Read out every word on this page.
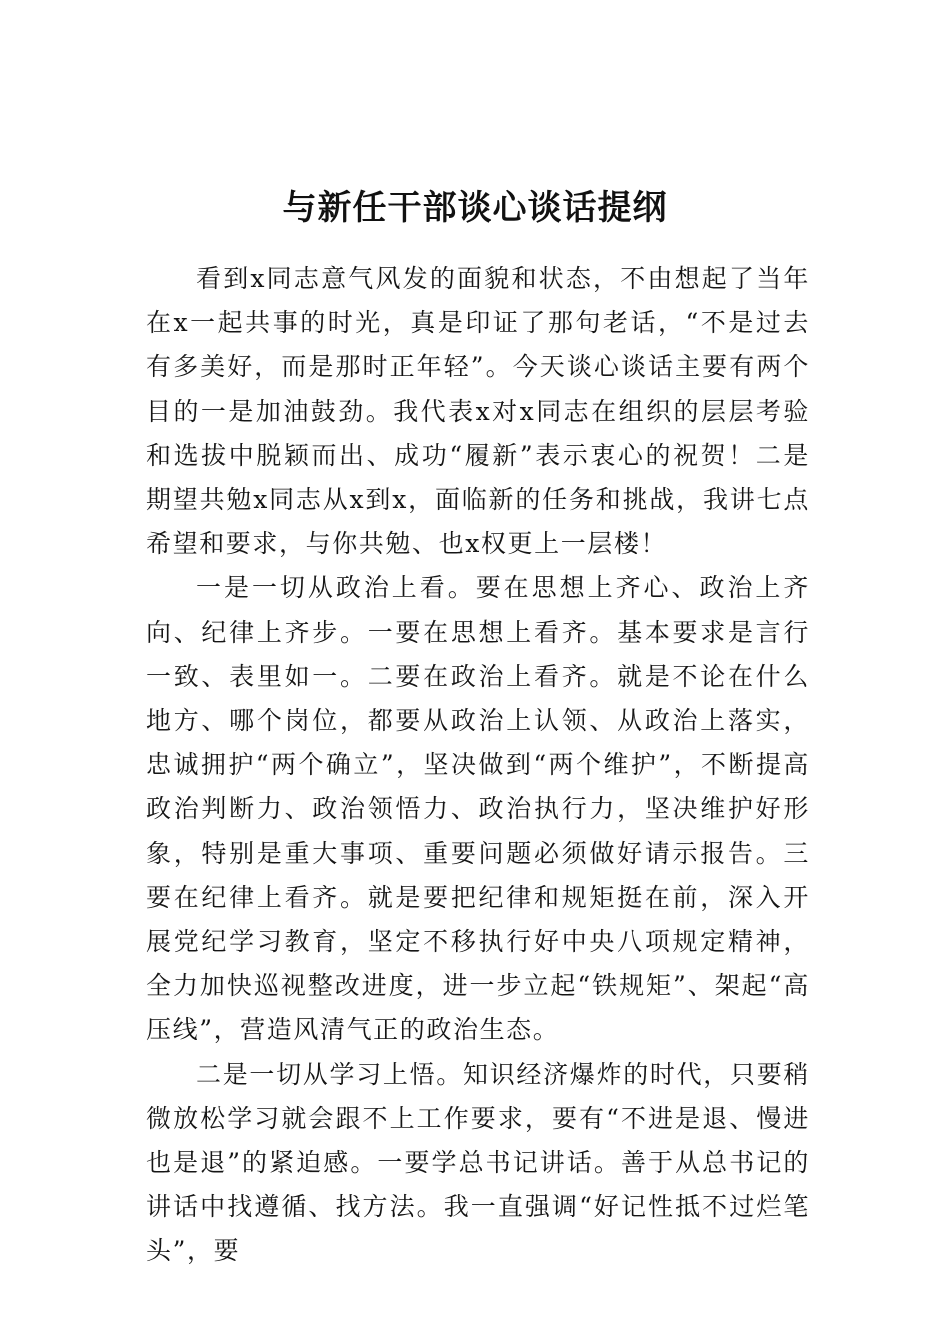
与新任干部谈心谈话提纲

看到x同志意气风发的面貌和状态，不由想起了当年在x一起共事的时光，真是印证了那句老话，“不是过去有多美好，而是那时正年轻”。今天谈心谈话主要有两个目的一是加油鼓劲。我代表x对x同志在组织的层层考验和选拔中脱颖而出、成功“履新”表示衷心的祝贺！二是期望共勉x同志从x到x，面临新的任务和挑战，我讲七点希望和要求，与你共勉、也x权更上一层楼！

一是一切从政治上看。要在思想上齐心、政治上齐向、纪律上齐步。一要在思想上看齐。基本要求是言行一致、表里如一。二要在政治上看齐。就是不论在什么地方、哪个岗位，都要从政治上认领、从政治上落实，忠诚拥护“两个确立”，坚决做到“两个维护”，不断提高政治判断力、政治领悟力、政治执行力，坚决维护好形象，特别是重大事项、重要问题必须做好请示报告。三要在纪律上看齐。就是要把纪律和规矩挺在前，深入开展党纪学习教育，坚定不移执行好中央八项规定精神，全力加快巡视整改进度，进一步立起“铁规矩”、架起“高压线”，营造风清气正的政治生态。

二是一切从学习上悟。知识经济爆炸的时代，只要稍微放松学习就会跟不上工作要求，要有“不进是退、慢进也是退”的紧迫感。一要学总书记讲话。善于从总书记的讲话中找遵循、找方法。我一直强调“好记性抵不过烂笔头”，要
